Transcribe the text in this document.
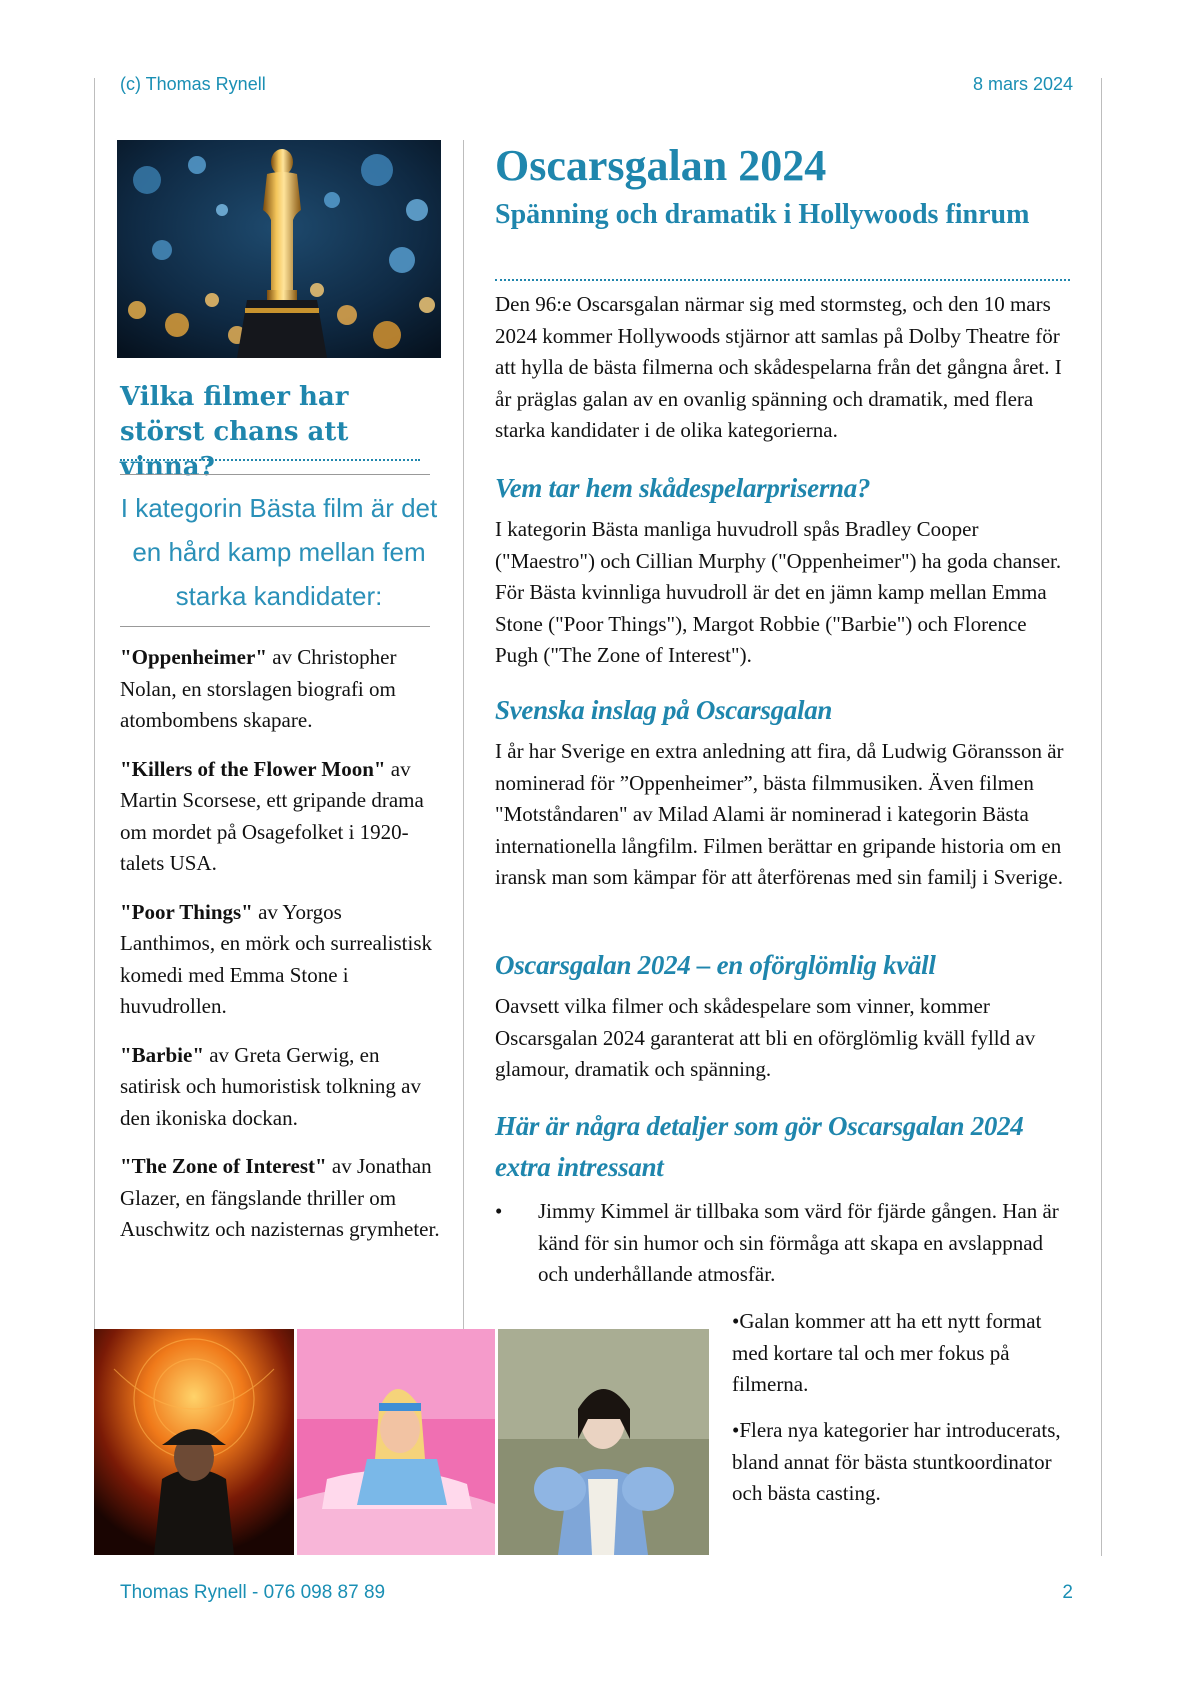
(c) Thomas Rynell	8 mars 2024
Vilka filmer har störst chans att vinna?
I kategorin Bästa film är det en hård kamp mellan fem starka kandidater:

"Oppenheimer" av Christopher Nolan, en storslagen biografi om atombombens skapare.

"Killers of the Flower Moon" av Martin Scorsese, ett gripande drama om mordet på Osagefolket i 1920-talets USA.

"Poor Things" av Yorgos Lanthimos, en mörk och surrealistisk komedi med Emma Stone i huvudrollen.

"Barbie" av Greta Gerwig, en satirisk och humoristisk tolkning av den ikoniska dockan.

"The Zone of Interest" av Jonathan Glazer, en fängslande thriller om Auschwitz och nazisternas grymheter.

Oscarsgalan 2024
Spänning och dramatik i Hollywoods finrum

Den 96:e Oscarsgalan närmar sig med stormsteg, och den 10 mars 2024 kommer Hollywoods stjärnor att samlas på Dolby Theatre för att hylla de bästa filmerna och skådespelarna från det gångna året. I år präglas galan av en ovanlig spänning och dramatik, med flera starka kandidater i de olika kategorierna.

Vem tar hem skådespelarpriserna?

I kategorin Bästa manliga huvudroll spås Bradley Cooper ("Maestro") och Cillian Murphy ("Oppenheimer") ha goda chanser. För Bästa kvinnliga huvudroll är det en jämn kamp mellan Emma Stone ("Poor Things"), Margot Robbie ("Barbie") och Florence Pugh ("The Zone of Interest").

Svenska inslag på Oscarsgalan

I år har Sverige en extra anledning att fira, då Ludwig Göransson är nominerad för ”Oppenheimer”, bästa filmmusiken. Även filmen "Motståndaren" av Milad Alami är nominerad i kategorin Bästa internationella långfilm. Filmen berättar en gripande historia om en iransk man som kämpar för att återförenas med sin familj i Sverige.

Oscarsgalan 2024 – en oförglömlig kväll

Oavsett vilka filmer och skådespelare som vinner, kommer Oscarsgalan 2024 garanterat att bli en oförglömlig kväll fylld av glamour, dramatik och spänning.

Här är några detaljer som gör Oscarsgalan 2024 extra intressant
•	Jimmy Kimmel är tillbaka som värd för fjärde gången. Han är känd för sin humor och sin förmåga att skapa en avslappnad och underhållande atmosfär.
•Galan kommer att ha ett nytt format med kortare tal och mer fokus på filmerna.
•Flera nya kategorier har introducerats, bland annat för bästa stuntkoordinator och bästa casting.
Thomas Rynell - 076 098 87 89	2
